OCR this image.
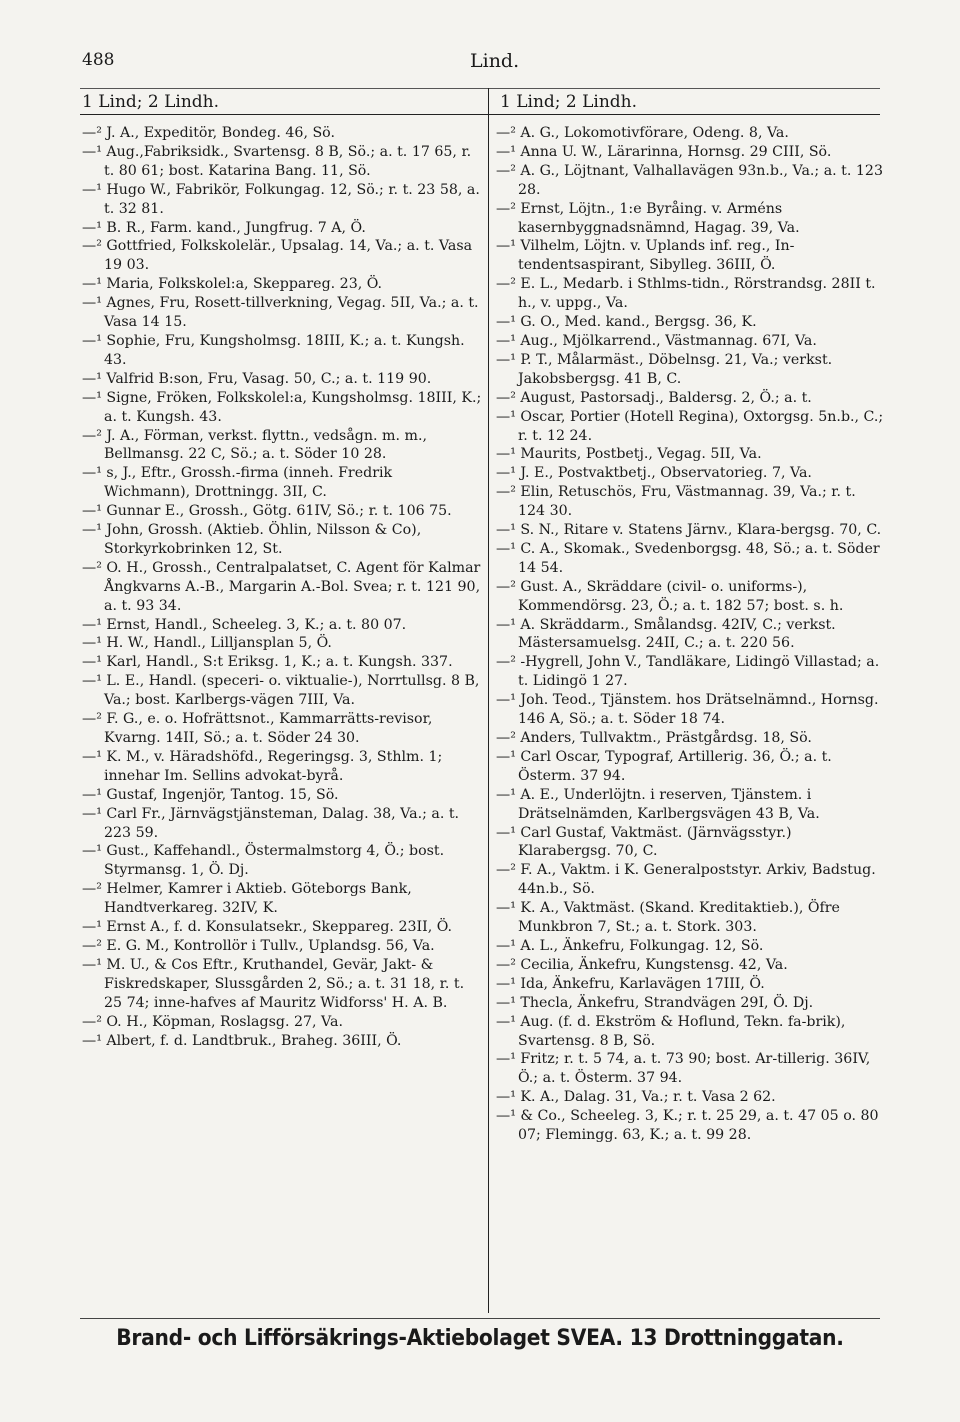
488	Lind.
1 Lind; 2 Lindh.	1 Lind; 2 Lindh.

—² J. A., Expeditör, Bondeg. 46, Sö.

—¹ Aug.,Fabriksidk., Svartensg. 8 B, Sö.; a. t. 17 65, r. t. 80 61; bost. Katarina Bang. 11, Sö.

—¹ Hugo W., Fabrikör, Folkungag. 12, Sö.; r. t. 23 58, a. t. 32 81.

—¹ B. R., Farm. kand., Jungfrug. 7 A, Ö.

—² Gottfried, Folkskolelär., Upsalag. 14, Va.; a. t. Vasa 19 03.

—¹ Maria, Folkskolel:a, Skeppareg. 23, Ö.

—¹ Agnes, Fru, Rosett-tillverkning, Vegag. 5II, Va.; a. t. Vasa 14 15.

—¹ Sophie, Fru, Kungsholmsg. 18III, K.; a. t. Kungsh. 43.

—¹ Valfrid B:son, Fru, Vasag. 50, C.; a. t. 119 90.

—¹ Signe, Fröken, Folkskolel:a, Kungsholmsg. 18III, K.; a. t. Kungsh. 43.

—² J. A., Förman, verkst. flyttn., vedsågn. m. m., Bellmansg. 22 C, Sö.; a. t. Söder 10 28.

—¹ s, J., Eftr., Grossh.-firma (inneh. Fredrik Wichmann), Drottningg. 3II, C.

—¹ Gunnar E., Grossh., Götg. 61IV, Sö.; r. t. 106 75.

—¹ John, Grossh. (Aktieb. Öhlin, Nilsson & Co), Storkyrkobrinken 12, St.

—² O. H., Grossh., Centralpalatset, C. Agent för Kalmar Ångkvarns A.-B., Margarin A.-Bol. Svea; r. t. 121 90, a. t. 93 34.

—¹ Ernst, Handl., Scheeleg. 3, K.; a. t. 80 07.

—¹ H. W., Handl., Lilljansplan 5, Ö.

—¹ Karl, Handl., S:t Eriksg. 1, K.; a. t. Kungsh. 337.

—¹ L. E., Handl. (speceri- o. viktualie-), Norrtullsg. 8 B, Va.; bost. Karlbergs-vägen 7III, Va.

—² F. G., e. o. Hofrättsnot., Kammarrätts-revisor, Kvarng. 14II, Sö.; a. t. Söder 24 30.

—¹ K. M., v. Häradshöfd., Regeringsg. 3, Sthlm. 1; innehar Im. Sellins advokat-byrå.

—¹ Gustaf, Ingenjör, Tantog. 15, Sö.

—¹ Carl Fr., Järnvägstjänsteman, Dalag. 38, Va.; a. t. 223 59.

—¹ Gust., Kaffehandl., Östermalmstorg 4, Ö.; bost. Styrmansg. 1, Ö. Dj.

—² Helmer, Kamrer i Aktieb. Göteborgs Bank, Handtverkareg. 32IV, K.

—¹ Ernst A., f. d. Konsulatsekr., Skeppareg. 23II, Ö.

—² E. G. M., Kontrollör i Tullv., Uplandsg. 56, Va.

—¹ M. U., & Cos Eftr., Kruthandel, Gevär, Jakt- & Fiskredskaper, Slussgården 2, Sö.; a. t. 31 18, r. t. 25 74; inne-hafves af Mauritz Widforss' H. A. B.

—² O. H., Köpman, Roslagsg. 27, Va.

—¹ Albert, f. d. Landtbruk., Braheg. 36III, Ö.

—² A. G., Lokomotivförare, Odeng. 8, Va.

—¹ Anna U. W., Lärarinna, Hornsg. 29 CIII, Sö.

—² A. G., Löjtnant, Valhallavägen 93n.b., Va.; a. t. 123 28.

—² Ernst, Löjtn., 1:e Byråing. v. Arméns kasernbyggnadsnämnd, Hagag. 39, Va.

—¹ Vilhelm, Löjtn. v. Uplands inf. reg., In-tendentsaspirant, Sibylleg. 36III, Ö.

—² E. L., Medarb. i Sthlms-tidn., Rörstrandsg. 28II t. h., v. uppg., Va.

—¹ G. O., Med. kand., Bergsg. 36, K.

—¹ Aug., Mjölkarrend., Västmannag. 67I, Va.

—¹ P. T., Målarmäst., Döbelnsg. 21, Va.; verkst. Jakobsbergsg. 41 B, C.

—² August, Pastorsadj., Baldersg. 2, Ö.; a. t.

—¹ Oscar, Portier (Hotell Regina), Oxtorgsg. 5n.b., C.; r. t. 12 24.

—¹ Maurits, Postbetj., Vegag. 5II, Va.

—¹ J. E., Postvaktbetj., Observatorieg. 7, Va.

—² Elin, Retuschös, Fru, Västmannag. 39, Va.; r. t. 124 30.

—¹ S. N., Ritare v. Statens Järnv., Klara-bergsg. 70, C.

—¹ C. A., Skomak., Svedenborgsg. 48, Sö.; a. t. Söder 14 54.

—² Gust. A., Skräddare (civil- o. uniforms-), Kommendörsg. 23, Ö.; a. t. 182 57; bost. s. h.

—¹ A. Skräddarm., Smålandsg. 42IV, C.; verkst. Mästersamuelsg. 24II, C.; a. t. 220 56.

—² -Hygrell, John V., Tandläkare, Lidingö Villastad; a. t. Lidingö 1 27.

—¹ Joh. Teod., Tjänstem. hos Drätselnämnd., Hornsg. 146 A, Sö.; a. t. Söder 18 74.

—² Anders, Tullvaktm., Prästgårdsg. 18, Sö.

—¹ Carl Oscar, Typograf, Artillerig. 36, Ö.; a. t. Österm. 37 94.

—¹ A. E., Underlöjtn. i reserven, Tjänstem. i Drätselnämden, Karlbergsvägen 43 B, Va.

—¹ Carl Gustaf, Vaktmäst. (Järnvägsstyr.) Klarabergsg. 70, C.

—² F. A., Vaktm. i K. Generalpoststyr. Arkiv, Badstug. 44n.b., Sö.

—¹ K. A., Vaktmäst. (Skand. Kreditaktieb.), Öfre Munkbron 7, St.; a. t. Stork. 303.

—¹ A. L., Änkefru, Folkungag. 12, Sö.

—² Cecilia, Änkefru, Kungstensg. 42, Va.

—¹ Ida, Änkefru, Karlavägen 17III, Ö.

—¹ Thecla, Änkefru, Strandvägen 29I, Ö. Dj.

—¹ Aug. (f. d. Ekström & Hoflund, Tekn. fa-brik), Svartensg. 8 B, Sö.

—¹ Fritz; r. t. 5 74, a. t. 73 90; bost. Ar-tillerig. 36IV, Ö.; a. t. Österm. 37 94.

—¹ K. A., Dalag. 31, Va.; r. t. Vasa 2 62.

—¹ & Co., Scheeleg. 3, K.; r. t. 25 29, a. t. 47 05 o. 80 07; Flemingg. 63, K.; a. t. 99 28.

Brand- och Lifförsäkrings-Aktiebolaget SVEA. 13 Drottninggatan.
